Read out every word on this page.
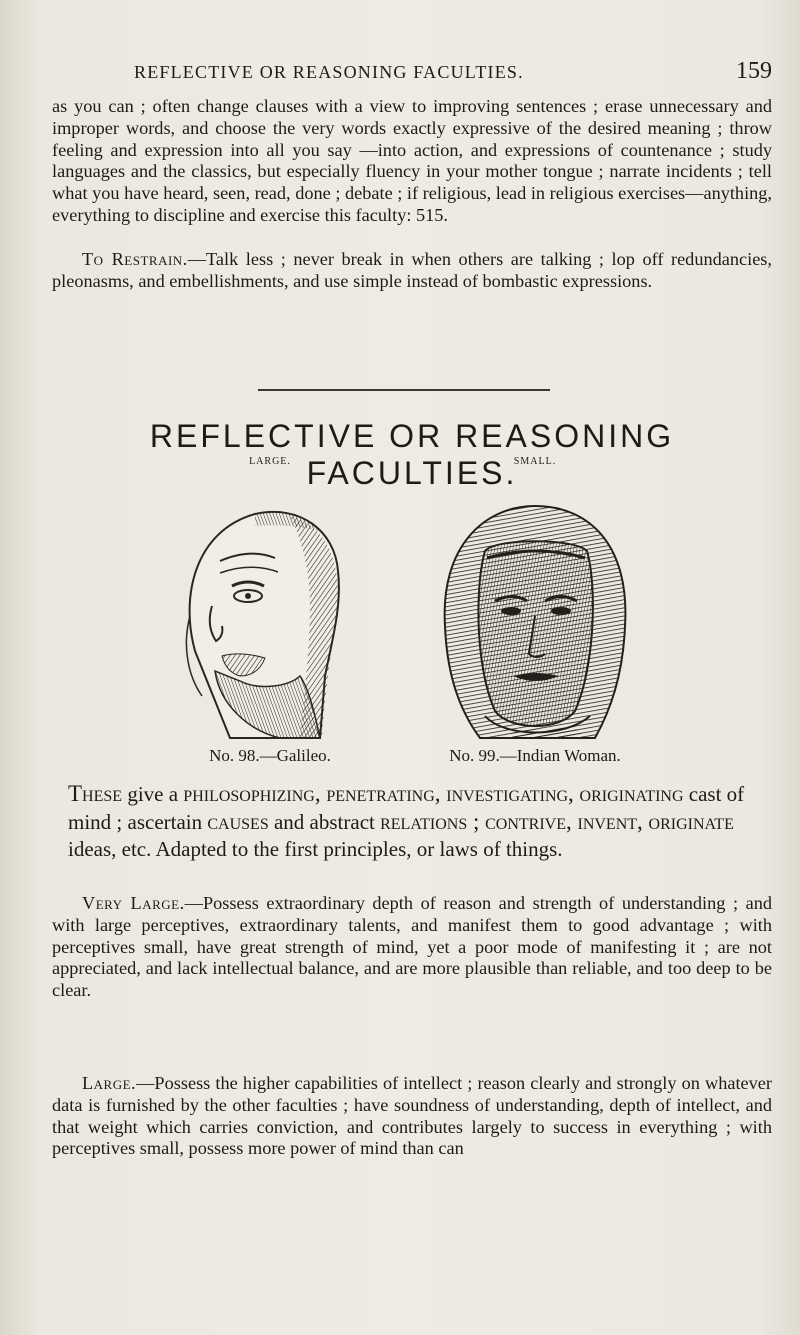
REFLECTIVE OR REASONING FACULTIES.	159

as you can ; often change clauses with a view to improving sentences ; erase unnecessary and improper words, and choose the very words exactly expressive of the desired meaning ; throw feeling and expression into all you say —into action, and expressions of countenance ; study languages and the classics, but especially fluency in your mother tongue ; narrate incidents ; tell what you have heard, seen, read, done ; debate ; if religious, lead in religious exercises—anything, everything to discipline and exercise this faculty: 515.

To Restrain.—Talk less ; never break in when others are talking ; lop off redundancies, pleonasms, and embellishments, and use simple instead of bombastic expressions.

REFLECTIVE OR REASONING FACULTIES.
LARGE.
No. 98.—Galileo.
SMALL.
No. 99.—Indian Woman.

These give a philosophizing, penetrating, investigating, originating cast of mind ; ascertain causes and abstract relations ; contrive, invent, originate ideas, etc. Adapted to the first principles, or laws of things.

Very Large.—Possess extraordinary depth of reason and strength of understanding ; and with large perceptives, extraordinary talents, and manifest them to good advantage ; with perceptives small, have great strength of mind, yet a poor mode of manifesting it ; are not appreciated, and lack intellectual balance, and are more plausible than reliable, and too deep to be clear.

Large.—Possess the higher capabilities of intellect ; reason clearly and strongly on whatever data is furnished by the other faculties ; have soundness of understanding, depth of intellect, and that weight which carries conviction, and contributes largely to success in everything ; with perceptives small, possess more power of mind than can
